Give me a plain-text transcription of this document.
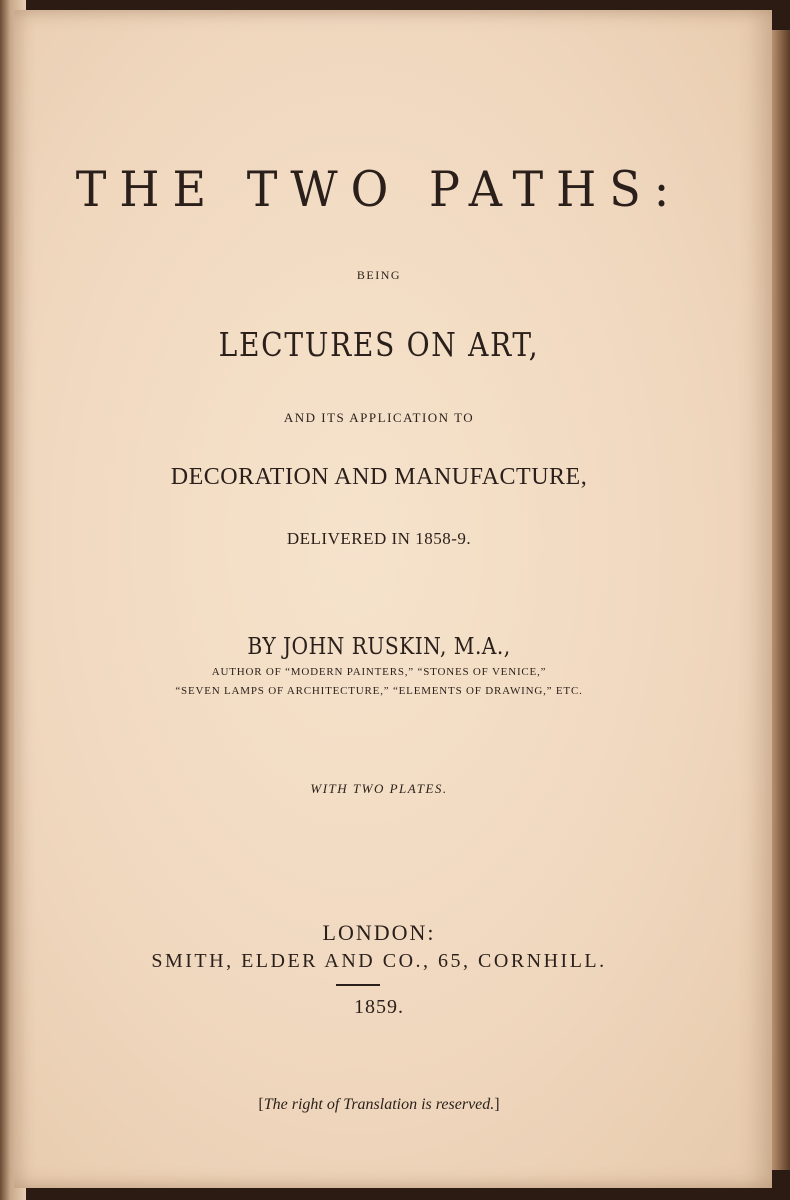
THE TWO PATHS:
BEING
LECTURES ON ART,
AND ITS APPLICATION TO
DECORATION AND MANUFACTURE,
DELIVERED IN 1858-9.
BY JOHN RUSKIN, M.A.,
AUTHOR OF “MODERN PAINTERS,” “STONES OF VENICE,”
“SEVEN LAMPS OF ARCHITECTURE,” “ELEMENTS OF DRAWING,” ETC.
WITH TWO PLATES.
LONDON:
SMITH, ELDER AND CO., 65, CORNHILL.
1859.
[The right of Translation is reserved.]
